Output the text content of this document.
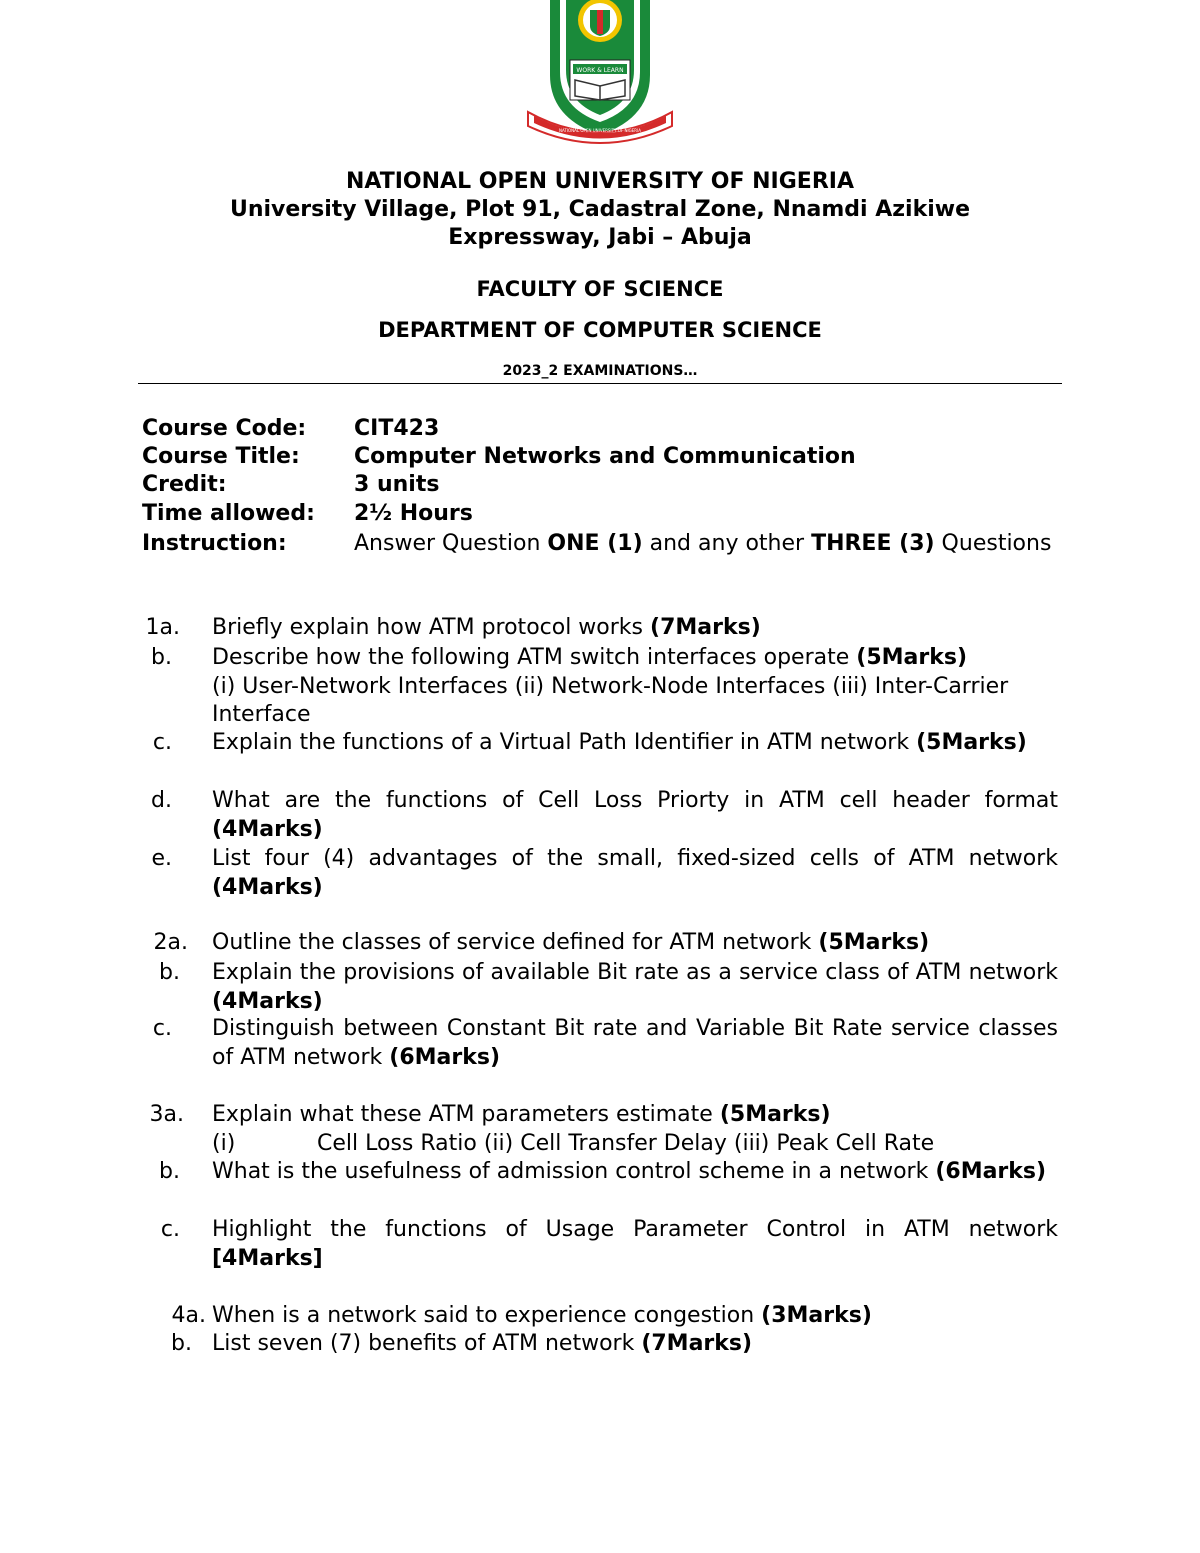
WORK & LEARN
NATIONAL OPEN UNIVERSITY OF NIGERIA
NATIONAL OPEN UNIVERSITY OF NIGERIA
University Village, Plot 91, Cadastral Zone, Nnamdi Azikiwe
Expressway, Jabi – Abuja
FACULTY OF SCIENCE
DEPARTMENT OF COMPUTER SCIENCE
2023_2 EXAMINATIONS…
Course Code: CIT423
Course Title: Computer Networks and Communication
Credit:	3 units
Time allowed: 2½ Hours
Instruction:	Answer Question ONE (1) and any other THREE (3) Questions
1a. Briefly explain how ATM protocol works (7Marks)
b. Describe how the following ATM switch interfaces operate (5Marks)
(i) User-Network Interfaces (ii) Network-Node Interfaces (iii) Inter-Carrier Interface
c. Explain the functions of a Virtual Path Identifier in ATM network (5Marks)
d. What are the functions of Cell Loss Priorty in ATM cell header format (4Marks)
e. List four (4) advantages of the small, fixed-sized cells of ATM network (4Marks)
2a. Outline the classes of service defined for ATM network (5Marks)
b. Explain the provisions of available Bit rate as a service class of ATM network (4Marks)
c. Distinguish between Constant Bit rate and Variable Bit Rate service classes of ATM network (6Marks)
3a. Explain what these ATM parameters estimate (5Marks)
(i)	Cell Loss Ratio (ii) Cell Transfer Delay (iii) Peak Cell Rate
b. What is the usefulness of admission control scheme in a network (6Marks)
c. Highlight the functions of Usage Parameter Control in ATM network [4Marks]
4a. When is a network said to experience congestion (3Marks)
b. List seven (7) benefits of ATM network (7Marks)
